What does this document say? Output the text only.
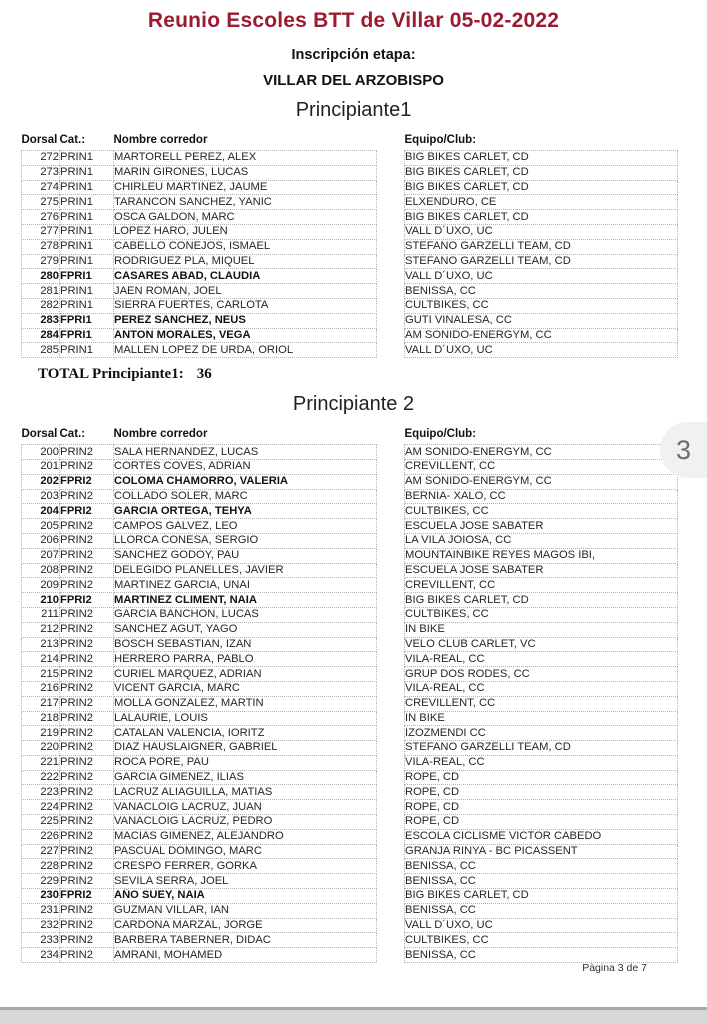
Reunio Escoles BTT de Villar 05-02-2022
Inscripción etapa:
VILLAR DEL ARZOBISPO
Principiante1
Dorsal	Cat.:	Nombre corredor		Equipo/Club:
272	PRIN1	MARTORELL PEREZ, ALEX		BIG BIKES CARLET, CD
273	PRIN1	MARIN GIRONES, LUCAS		BIG BIKES CARLET, CD
274	PRIN1	CHIRLEU MARTINEZ, JAUME		BIG BIKES CARLET, CD
275	PRIN1	TARANCON SANCHEZ, YANIC		ELXENDURO, CE
276	PRIN1	OSCA GALDON, MARC		BIG BIKES CARLET, CD
277	PRIN1	LOPEZ HARO, JULEN		VALL D´UXO, UC
278	PRIN1	CABELLO CONEJOS, ISMAEL		STEFANO GARZELLI TEAM, CD
279	PRIN1	RODRIGUEZ PLA, MIQUEL		STEFANO GARZELLI TEAM, CD
280	FPRI1	CASARES ABAD, CLAUDIA		VALL D´UXO, UC
281	PRIN1	JAEN ROMAN, JOEL		BENISSA, CC
282	PRIN1	SIERRA FUERTES, CARLOTA		CULTBIKES, CC
283	FPRI1	PEREZ SANCHEZ, NEUS		GUTI VINALESA, CC
284	FPRI1	ANTON MORALES, VEGA		AM SONIDO-ENERGYM, CC
285	PRIN1	MALLEN LOPEZ DE URDA, ORIOL		VALL D´UXO, UC
TOTAL Principiante1: 36
Principiante 2
Dorsal	Cat.:	Nombre corredor		Equipo/Club:
200	PRIN2	SALA HERNANDEZ, LUCAS		AM SONIDO-ENERGYM, CC
201	PRIN2	CORTES COVES, ADRIAN		CREVILLENT, CC
202	FPRI2	COLOMA CHAMORRO, VALERIA		AM SONIDO-ENERGYM, CC
203	PRIN2	COLLADO SOLER, MARC		BERNIA- XALO, CC
204	FPRI2	GARCIA ORTEGA, TEHYA		CULTBIKES, CC
205	PRIN2	CAMPOS GALVEZ, LEO		ESCUELA JOSE SABATER
206	PRIN2	LLORCA CONESA, SERGIO		LA VILA JOIOSA, CC
207	PRIN2	SANCHEZ GODOY, PAU		MOUNTAINBIKE REYES MAGOS IBI,
208	PRIN2	DELEGIDO PLANELLES, JAVIER		ESCUELA JOSE SABATER
209	PRIN2	MARTINEZ GARCIA, UNAI		CREVILLENT, CC
210	FPRI2	MARTINEZ CLIMENT, NAIA		BIG BIKES CARLET, CD
211	PRIN2	GARCIA BANCHON, LUCAS		CULTBIKES, CC
212	PRIN2	SANCHEZ AGUT, YAGO		IN BIKE
213	PRIN2	BOSCH SEBASTIAN, IZAN		VELO CLUB CARLET, VC
214	PRIN2	HERRERO PARRA, PABLO		VILA-REAL, CC
215	PRIN2	CURIEL MARQUEZ, ADRIAN		GRUP DOS RODES, CC
216	PRIN2	VICENT GARCIA, MARC		VILA-REAL, CC
217	PRIN2	MOLLA GONZALEZ, MARTIN		CREVILLENT, CC
218	PRIN2	LALAURIE, LOUIS		IN BIKE
219	PRIN2	CATALAN VALENCIA, IORITZ		IZOZMENDI CC
220	PRIN2	DIAZ HAUSLAIGNER, GABRIEL		STEFANO GARZELLI TEAM, CD
221	PRIN2	ROCA PORE, PAU		VILA-REAL, CC
222	PRIN2	GARCIA GIMENEZ, ILIAS		ROPE, CD
223	PRIN2	LACRUZ ALIAGUILLA, MATIAS		ROPE, CD
224	PRIN2	VANACLOIG LACRUZ, JUAN		ROPE, CD
225	PRIN2	VANACLOIG LACRUZ, PEDRO		ROPE, CD
226	PRIN2	MACIAS GIMENEZ, ALEJANDRO		ESCOLA CICLISME VICTOR CABEDO
227	PRIN2	PASCUAL DOMINGO, MARC		GRANJA RINYA - BC PICASSENT
228	PRIN2	CRESPO FERRER, GORKA		BENISSA, CC
229	PRIN2	SEVILA SERRA, JOEL		BENISSA, CC
230	FPRI2	AÑO SUEY, NAIA		BIG BIKES CARLET, CD
231	PRIN2	GUZMAN VILLAR, IAN		BENISSA, CC
232	PRIN2	CARDONA MARZAL, JORGE		VALL D´UXO, UC
233	PRIN2	BARBERA TABERNER, DIDAC		CULTBIKES, CC
234	PRIN2	AMRANI, MOHAMED		BENISSA, CC
Pàgina 3 de 7
3
